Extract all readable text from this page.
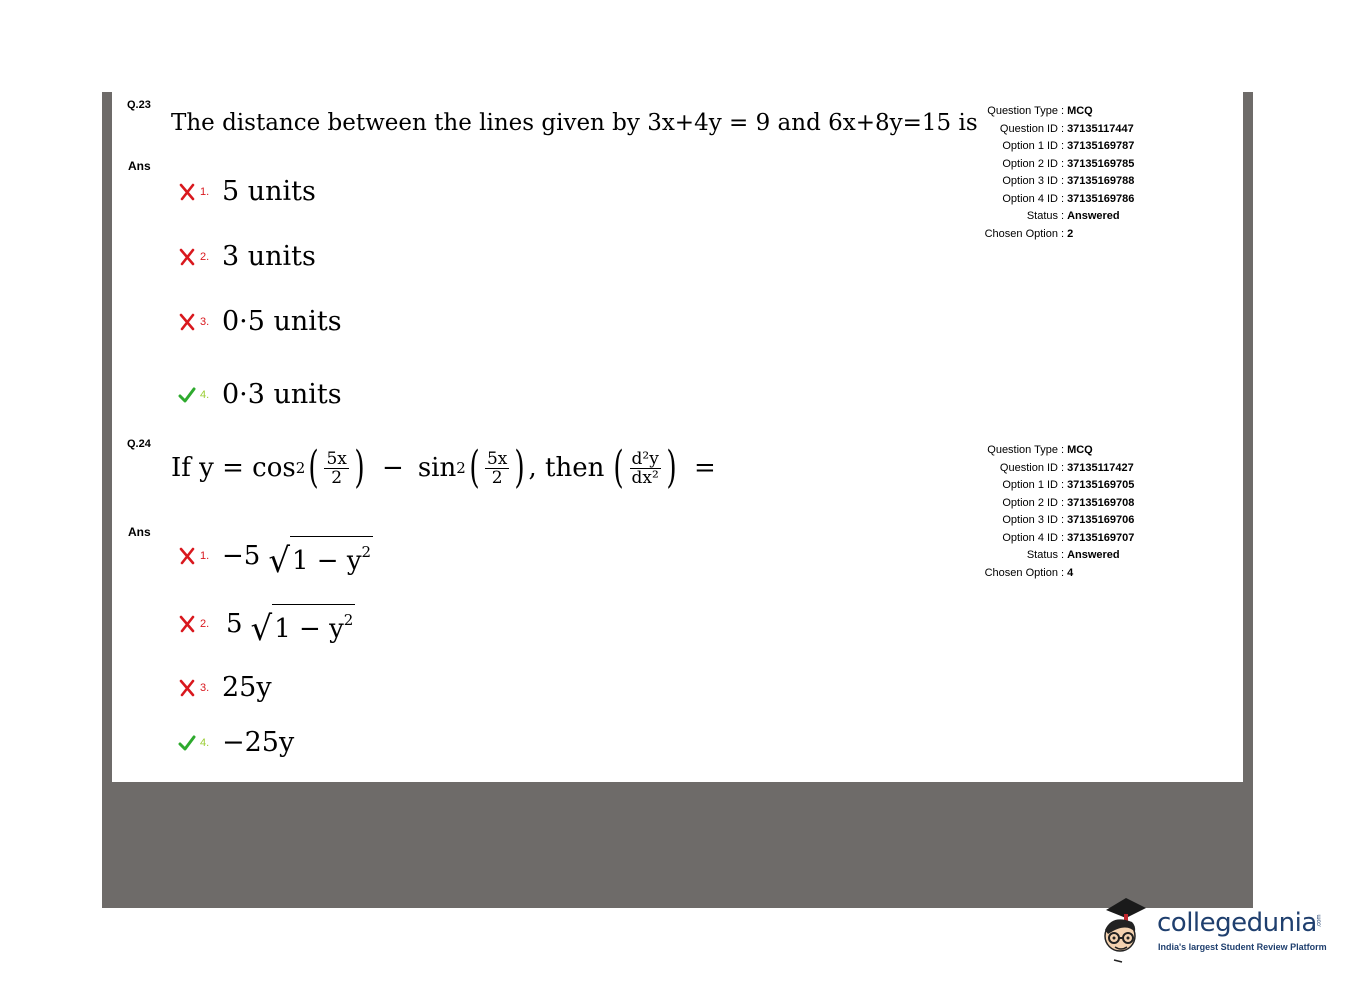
Q.23
The distance between the lines given by 3x+4y = 9 and 6x+8y=15 is
Ans
1. 5 units
2. 3 units
3. 0·5 units
4. 0·3 units
Question Type : MCQ
Question ID : 37135117447
Option 1 ID : 37135169787
Option 2 ID : 37135169785
Option 3 ID : 37135169788
Option 4 ID : 37135169786
Status : Answered
Chosen Option : 2
Q.24
If y = cos 2 ( $\frac{5x}{2}$ ) − sin 2 ( $\frac{5x}{2}$ ) , then ( $\frac{\text{d²y}}{\text{dx²}}$ ) =
Ans
1. −5 √ $1 - y^2$
2. 5 √ $1 - y^2$
3. 25y
4. −25y
Question Type : MCQ
Question ID : 37135117427
Option 1 ID : 37135169705
Option 2 ID : 37135169708
Option 3 ID : 37135169706
Option 4 ID : 37135169707
Status : Answered
Chosen Option : 4
collegedunia .com
India's largest Student Review Platform
